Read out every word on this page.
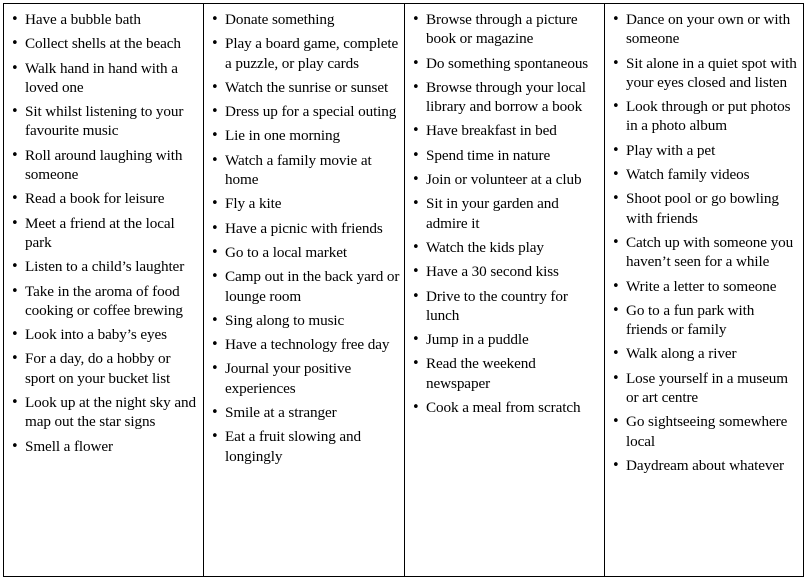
• Have a bubble bath
• Collect shells at the beach
• Walk hand in hand with a loved one
• Sit whilst listening to your favourite music
• Roll around laughing with someone
• Read a book for leisure
• Meet a friend at the local park
• Listen to a child’s laughter
• Take in the aroma of food cooking or coffee brewing
• Look into a baby’s eyes
• For a day, do a hobby or sport on your bucket list
• Look up at the night sky and map out the star signs
• Smell a flower
• Donate something
• Play a board game, complete a puzzle, or play cards
• Watch the sunrise or sunset
• Dress up for a special outing
• Lie in one morning
• Watch a family movie at home
• Fly a kite
• Have a picnic with friends
• Go to a local market
• Camp out in the back yard or lounge room
• Sing along to music
• Have a technology free day
• Journal your positive experiences
• Smile at a stranger
• Eat a fruit slowing and longingly
• Browse through a picture book or magazine
• Do something spontaneous
• Browse through your local library and borrow a book
• Have breakfast in bed
• Spend time in nature
• Join or volunteer at a club
• Sit in your garden and admire it
• Watch the kids play
• Have a 30 second kiss
• Drive to the country for lunch
• Jump in a puddle
• Read the weekend newspaper
• Cook a meal from scratch
• Dance on your own or with someone
• Sit alone in a quiet spot with your eyes closed and listen
• Look through or put photos in a photo album
• Play with a pet
• Watch family videos
• Shoot pool or go bowling with friends
• Catch up with someone you haven’t seen for a while
• Write a letter to someone
• Go to a fun park with friends or family
• Walk along a river
• Lose yourself in a museum or art centre
• Go sightseeing somewhere local
• Daydream about whatever
